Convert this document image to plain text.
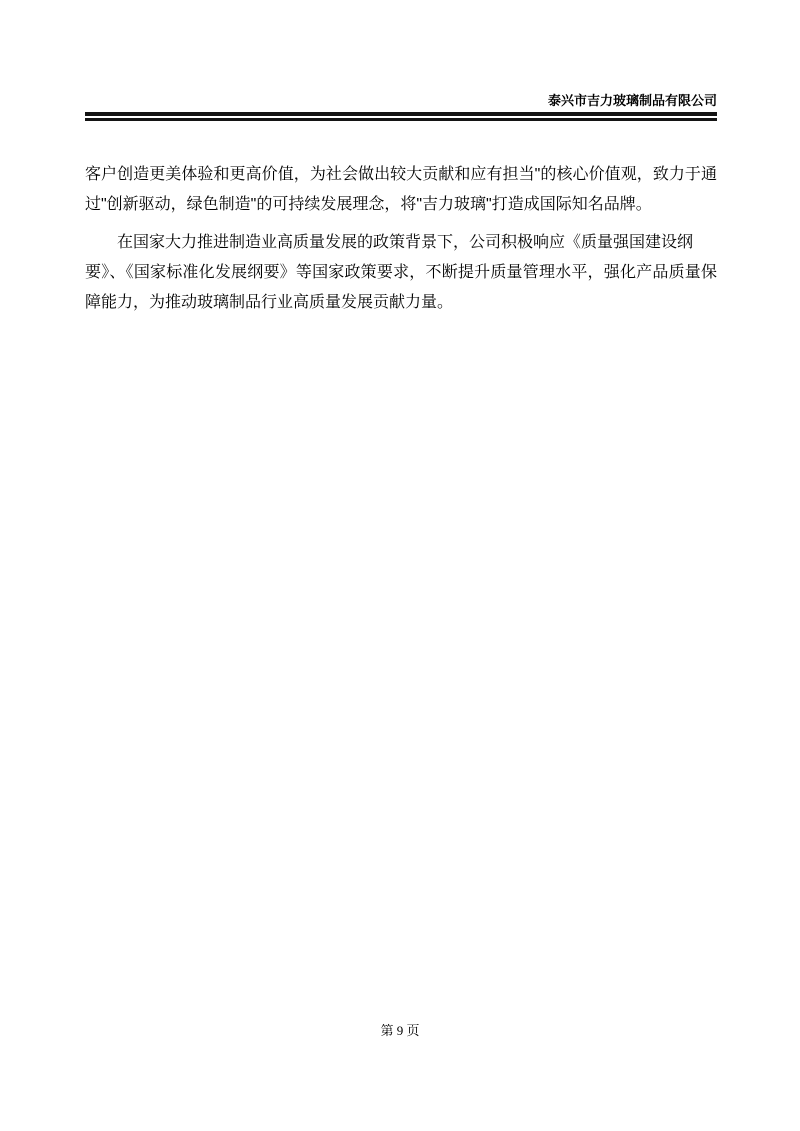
泰兴市吉力玻璃制品有限公司

客户创造更美体验和更高价值，为社会做出较大贡献和应有担当"的核心价值观，致力于通
过"创新驱动，绿色制造"的可持续发展理念，将"吉力玻璃"打造成国际知名品牌。

在国家大力推进制造业高质量发展的政策背景下，公司积极响应《质量强国建设纲
要》、《国家标准化发展纲要》等国家政策要求，不断提升质量管理水平，强化产品质量保
障能力，为推动玻璃制品行业高质量发展贡献力量。

第 9 页
